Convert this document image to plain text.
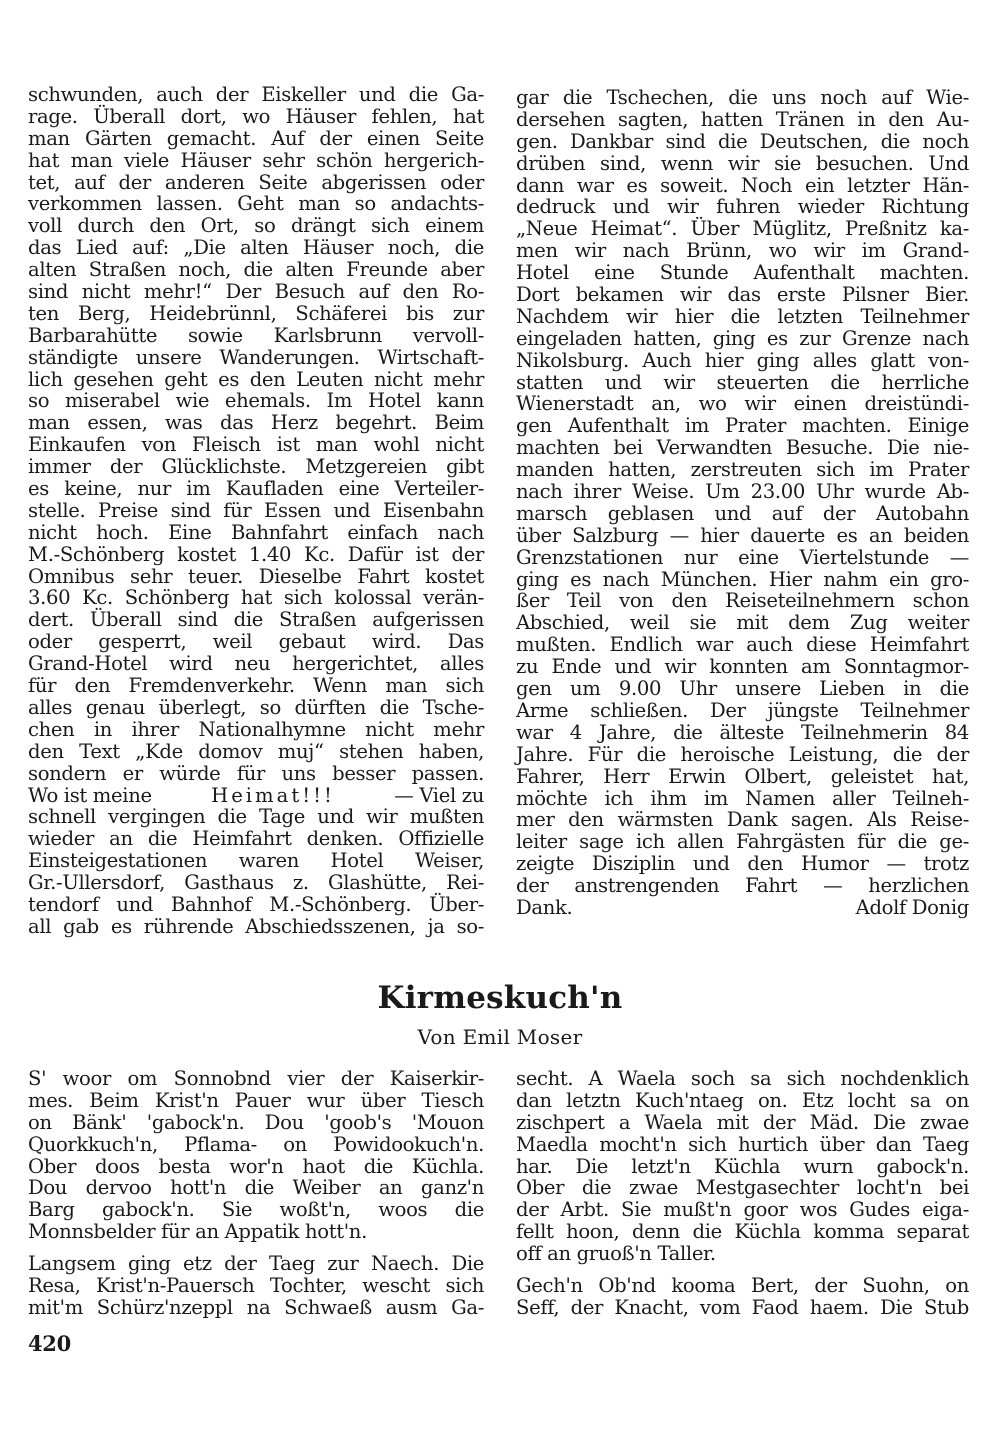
schwunden, auch der Eiskeller und die Ga-
rage. Überall dort, wo Häuser fehlen, hat
man Gärten gemacht. Auf der einen Seite
hat man viele Häuser sehr schön hergerich-
tet, auf der anderen Seite abgerissen oder
verkommen lassen. Geht man so andachts-
voll durch den Ort, so drängt sich einem
das Lied auf: „Die alten Häuser noch, die
alten Straßen noch, die alten Freunde aber
sind nicht mehr!“ Der Besuch auf den Ro-
ten Berg, Heidebrünnl, Schäferei bis zur
Barbarahütte sowie Karlsbrunn vervoll-
ständigte unsere Wanderungen. Wirtschaft-
lich gesehen geht es den Leuten nicht mehr
so miserabel wie ehemals. Im Hotel kann
man essen, was das Herz begehrt. Beim
Einkaufen von Fleisch ist man wohl nicht
immer der Glücklichste. Metzgereien gibt
es keine, nur im Kaufladen eine Verteiler-
stelle. Preise sind für Essen und Eisenbahn
nicht hoch. Eine Bahnfahrt einfach nach
M.-Schönberg kostet 1.40 Kc. Dafür ist der
Omnibus sehr teuer. Dieselbe Fahrt kostet
3.60 Kc. Schönberg hat sich kolossal verän-
dert. Überall sind die Straßen aufgerissen
oder gesperrt, weil gebaut wird. Das
Grand-Hotel wird neu hergerichtet, alles
für den Fremdenverkehr. Wenn man sich
alles genau überlegt, so dürften die Tsche-
chen in ihrer Nationalhymne nicht mehr
den Text „Kde domov muj“ stehen haben,
sondern er würde für uns besser passen.
Wo ist meine	Heimat!!!	— Viel zu
schnell vergingen die Tage und wir mußten
wieder an die Heimfahrt denken. Offizielle
Einsteigestationen waren Hotel Weiser,
Gr.-Ullersdorf, Gasthaus z. Glashütte, Rei-
tendorf und Bahnhof M.-Schönberg. Über-
all gab es rührende Abschiedsszenen, ja so-
gar die Tschechen, die uns noch auf Wie-
dersehen sagten, hatten Tränen in den Au-
gen. Dankbar sind die Deutschen, die noch
drüben sind, wenn wir sie besuchen. Und
dann war es soweit. Noch ein letzter Hän-
dedruck und wir fuhren wieder Richtung
„Neue Heimat“. Über Müglitz, Preßnitz ka-
men wir nach Brünn, wo wir im Grand-
Hotel eine Stunde Aufenthalt machten.
Dort bekamen wir das erste Pilsner Bier.
Nachdem wir hier die letzten Teilnehmer
eingeladen hatten, ging es zur Grenze nach
Nikolsburg. Auch hier ging alles glatt von-
statten und wir steuerten die herrliche
Wienerstadt an, wo wir einen dreistündi-
gen Aufenthalt im Prater machten. Einige
machten bei Verwandten Besuche. Die nie-
manden hatten, zerstreuten sich im Prater
nach ihrer Weise. Um 23.00 Uhr wurde Ab-
marsch geblasen und auf der Autobahn
über Salzburg — hier dauerte es an beiden
Grenzstationen nur eine Viertelstunde —
ging es nach München. Hier nahm ein gro-
ßer Teil von den Reiseteilnehmern schon
Abschied, weil sie mit dem Zug weiter
mußten. Endlich war auch diese Heimfahrt
zu Ende und wir konnten am Sonntagmor-
gen um 9.00 Uhr unsere Lieben in die
Arme schließen. Der jüngste Teilnehmer
war 4 Jahre, die älteste Teilnehmerin 84
Jahre. Für die heroische Leistung, die der
Fahrer, Herr Erwin Olbert, geleistet hat,
möchte ich ihm im Namen aller Teilneh-
mer den wärmsten Dank sagen. Als Reise-
leiter sage ich allen Fahrgästen für die ge-
zeigte Disziplin und den Humor — trotz
der anstrengenden Fahrt — herzlichen
Dank.	Adolf Donig
Kirmeskuch'n
Von Emil Moser
S' woor om Sonnobnd vier der Kaiserkir-
mes. Beim Krist'n Pauer wur über Tiesch
on Bänk' 'gabock'n. Dou 'goob's 'Mouon
Quorkkuch'n, Pflama- on Powidookuch'n.
Ober doos besta wor'n haot die Küchla.
Dou dervoo hott'n die Weiber an ganz'n
Barg gabock'n. Sie woßt'n, woos die
Monnsbelder für an Appatik hott'n.
Langsem ging etz der Taeg zur Naech. Die
Resa, Krist'n-Pauersch Tochter, wescht sich
mit'm Schürz'nzeppl na Schwaeß ausm Ga-
secht. A Waela soch sa sich nochdenklich
dan letztn Kuch'ntaeg on. Etz locht sa on
zischpert a Waela mit der Mäd. Die zwae
Maedla mocht'n sich hurtich über dan Taeg
har. Die letzt'n Küchla wurn gabock'n.
Ober die zwae Mestgasechter locht'n bei
der Arbt. Sie mußt'n goor wos Gudes eiga-
fellt hoon, denn die Küchla komma separat
off an gruoß'n Taller.
Gech'n Ob'nd kooma Bert, der Suohn, on
Seff, der Knacht, vom Faod haem. Die Stub
420
